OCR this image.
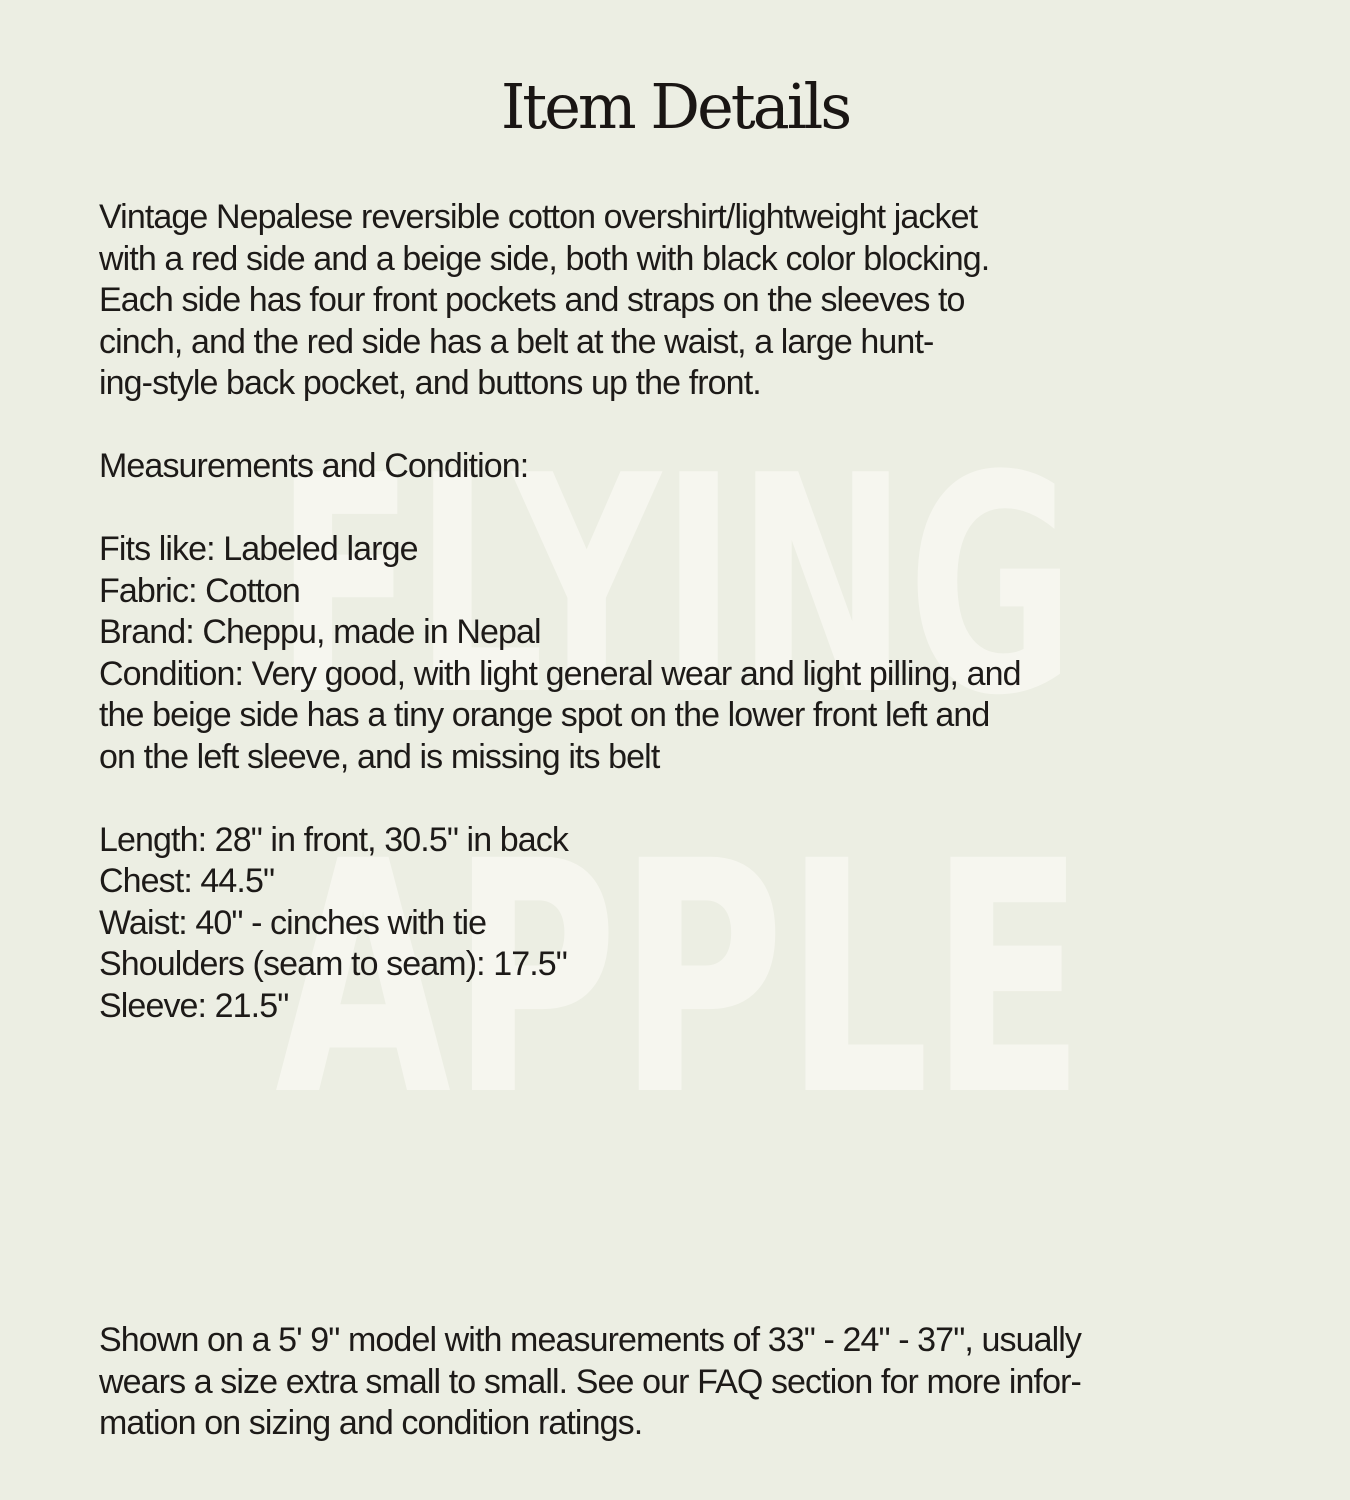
FLYING
APPLE
Item Details

Vintage Nepalese reversible cotton overshirt/lightweight jacket
with a red side and a beige side, both with black color blocking.
Each side has four front pockets and straps on the sleeves to
cinch, and the red side has a belt at the waist, a large hunt-
ing-style back pocket, and buttons up the front.

Measurements and Condition:

Fits like: Labeled large
Fabric: Cotton
Brand: Cheppu, made in Nepal
Condition: Very good, with light general wear and light pilling, and
the beige side has a tiny orange spot on the lower front left and
on the left sleeve, and is missing its belt

Length: 28" in front, 30.5" in back
Chest: 44.5"
Waist: 40" - cinches with tie
Shoulders (seam to seam): 17.5"
Sleeve: 21.5"

Shown on a 5' 9" model with measurements of 33" - 24" - 37", usually
wears a size extra small to small. See our FAQ section for more infor-
mation on sizing and condition ratings.
